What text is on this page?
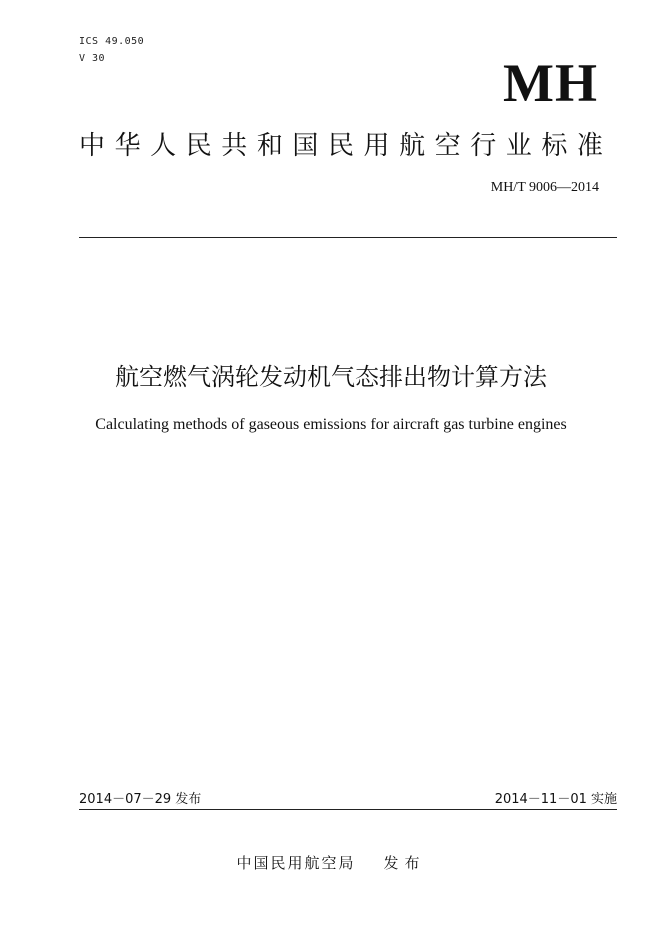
ICS 49.050
V 30	MH
中 华 人 民 共 和 国 民 用 航 空 行 业 标 准
MH/T 9006—2014
航空燃气涡轮发动机气态排出物计算方法
Calculating methods of gaseous emissions for aircraft gas turbine engines
2014－07－29 发布	2014－11－01 实施
中国民用航空局 发布
